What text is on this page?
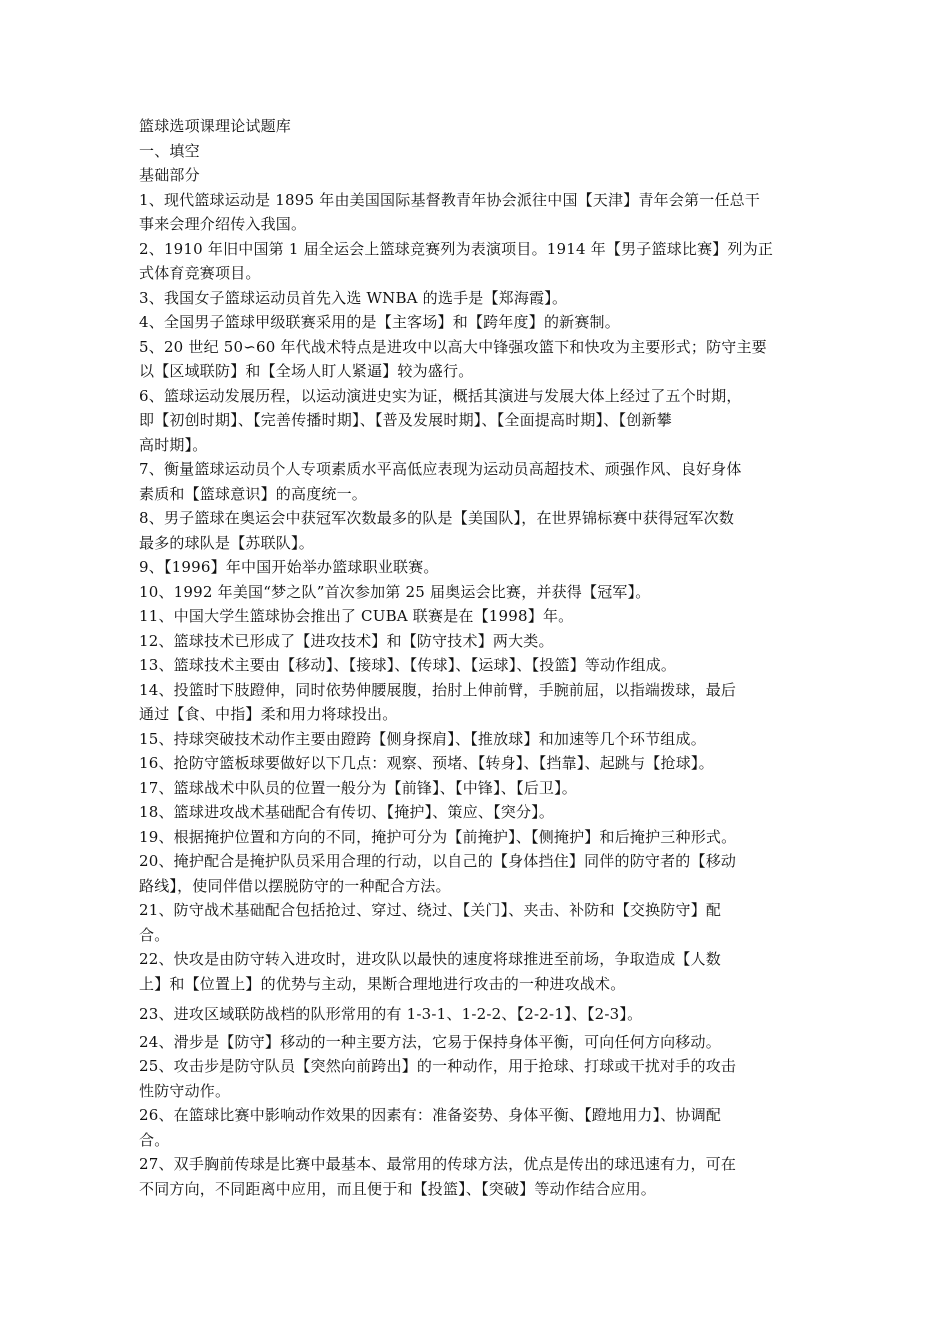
篮球选项课理论试题库
一、填空
基础部分
1、现代篮球运动是 1895 年由美国国际基督教青年协会派往中国【天津】青年会第一任总干
事来会理介绍传入我国。
2、1910 年旧中国第 1 届全运会上篮球竞赛列为表演项目。1914 年【男子篮球比赛】列为正
式体育竞赛项目。
3、我国女子篮球运动员首先入选 WNBA 的选手是【郑海霞】。
4、全国男子篮球甲级联赛采用的是【主客场】和【跨年度】的新赛制。
5、20 世纪 50∽60 年代战术特点是进攻中以高大中锋强攻篮下和快攻为主要形式；防守主要
以【区域联防】和【全场人盯人紧逼】较为盛行。
6、篮球运动发展历程，以运动演进史实为证，概括其演进与发展大体上经过了五个时期，
即【初创时期】、【完善传播时期】、【普及发展时期】、【全面提高时期】、【创新攀
高时期】。
7、衡量篮球运动员个人专项素质水平高低应表现为运动员高超技术、顽强作风、良好身体
素质和【篮球意识】的高度统一。
8、男子篮球在奥运会中获冠军次数最多的队是【美国队】，在世界锦标赛中获得冠军次数
最多的球队是【苏联队】。
9、【1996】年中国开始举办篮球职业联赛。
10、1992 年美国“梦之队”首次参加第 25 届奥运会比赛，并获得【冠军】。
11、中国大学生篮球协会推出了 CUBA 联赛是在【1998】年。
12、篮球技术已形成了【进攻技术】和【防守技术】两大类。
13、篮球技术主要由【移动】、【接球】、【传球】、【运球】、【投篮】等动作组成。
14、投篮时下肢蹬伸，同时依势伸腰展腹，抬肘上伸前臂，手腕前屈，以指端拨球，最后
通过【食、中指】柔和用力将球投出。
15、持球突破技术动作主要由蹬跨【侧身探肩】、【推放球】和加速等几个环节组成。
16、抢防守篮板球要做好以下几点：观察、预堵、【转身】、【挡靠】、起跳与【抢球】。
17、篮球战术中队员的位置一般分为【前锋】、【中锋】、【后卫】。
18、篮球进攻战术基础配合有传切、【掩护】、策应、【突分】。
19、根据掩护位置和方向的不同，掩护可分为【前掩护】、【侧掩护】和后掩护三种形式。
20、掩护配合是掩护队员采用合理的行动，以自己的【身体挡住】同伴的防守者的【移动
路线】，使同伴借以摆脱防守的一种配合方法。
21、防守战术基础配合包括抢过、穿过、绕过、【关门】、夹击、补防和【交换防守】配
合。
22、快攻是由防守转入进攻时，进攻队以最快的速度将球推进至前场，争取造成【人数
上】和【位置上】的优势与主动，果断合理地进行攻击的一种进攻战术。
23、进攻区域联防战档的队形常用的有 1-3-1、1-2-2、【2-2-1】、【2-3】。
24、滑步是【防守】移动的一种主要方法，它易于保持身体平衡，可向任何方向移动。
25、攻击步是防守队员【突然向前跨出】的一种动作，用于抢球、打球或干扰对手的攻击
性防守动作。
26、在篮球比赛中影响动作效果的因素有：准备姿势、身体平衡、【蹬地用力】、协调配
合。
27、双手胸前传球是比赛中最基本、最常用的传球方法，优点是传出的球迅速有力，可在
不同方向，不同距离中应用，而且便于和【投篮】、【突破】等动作结合应用。
